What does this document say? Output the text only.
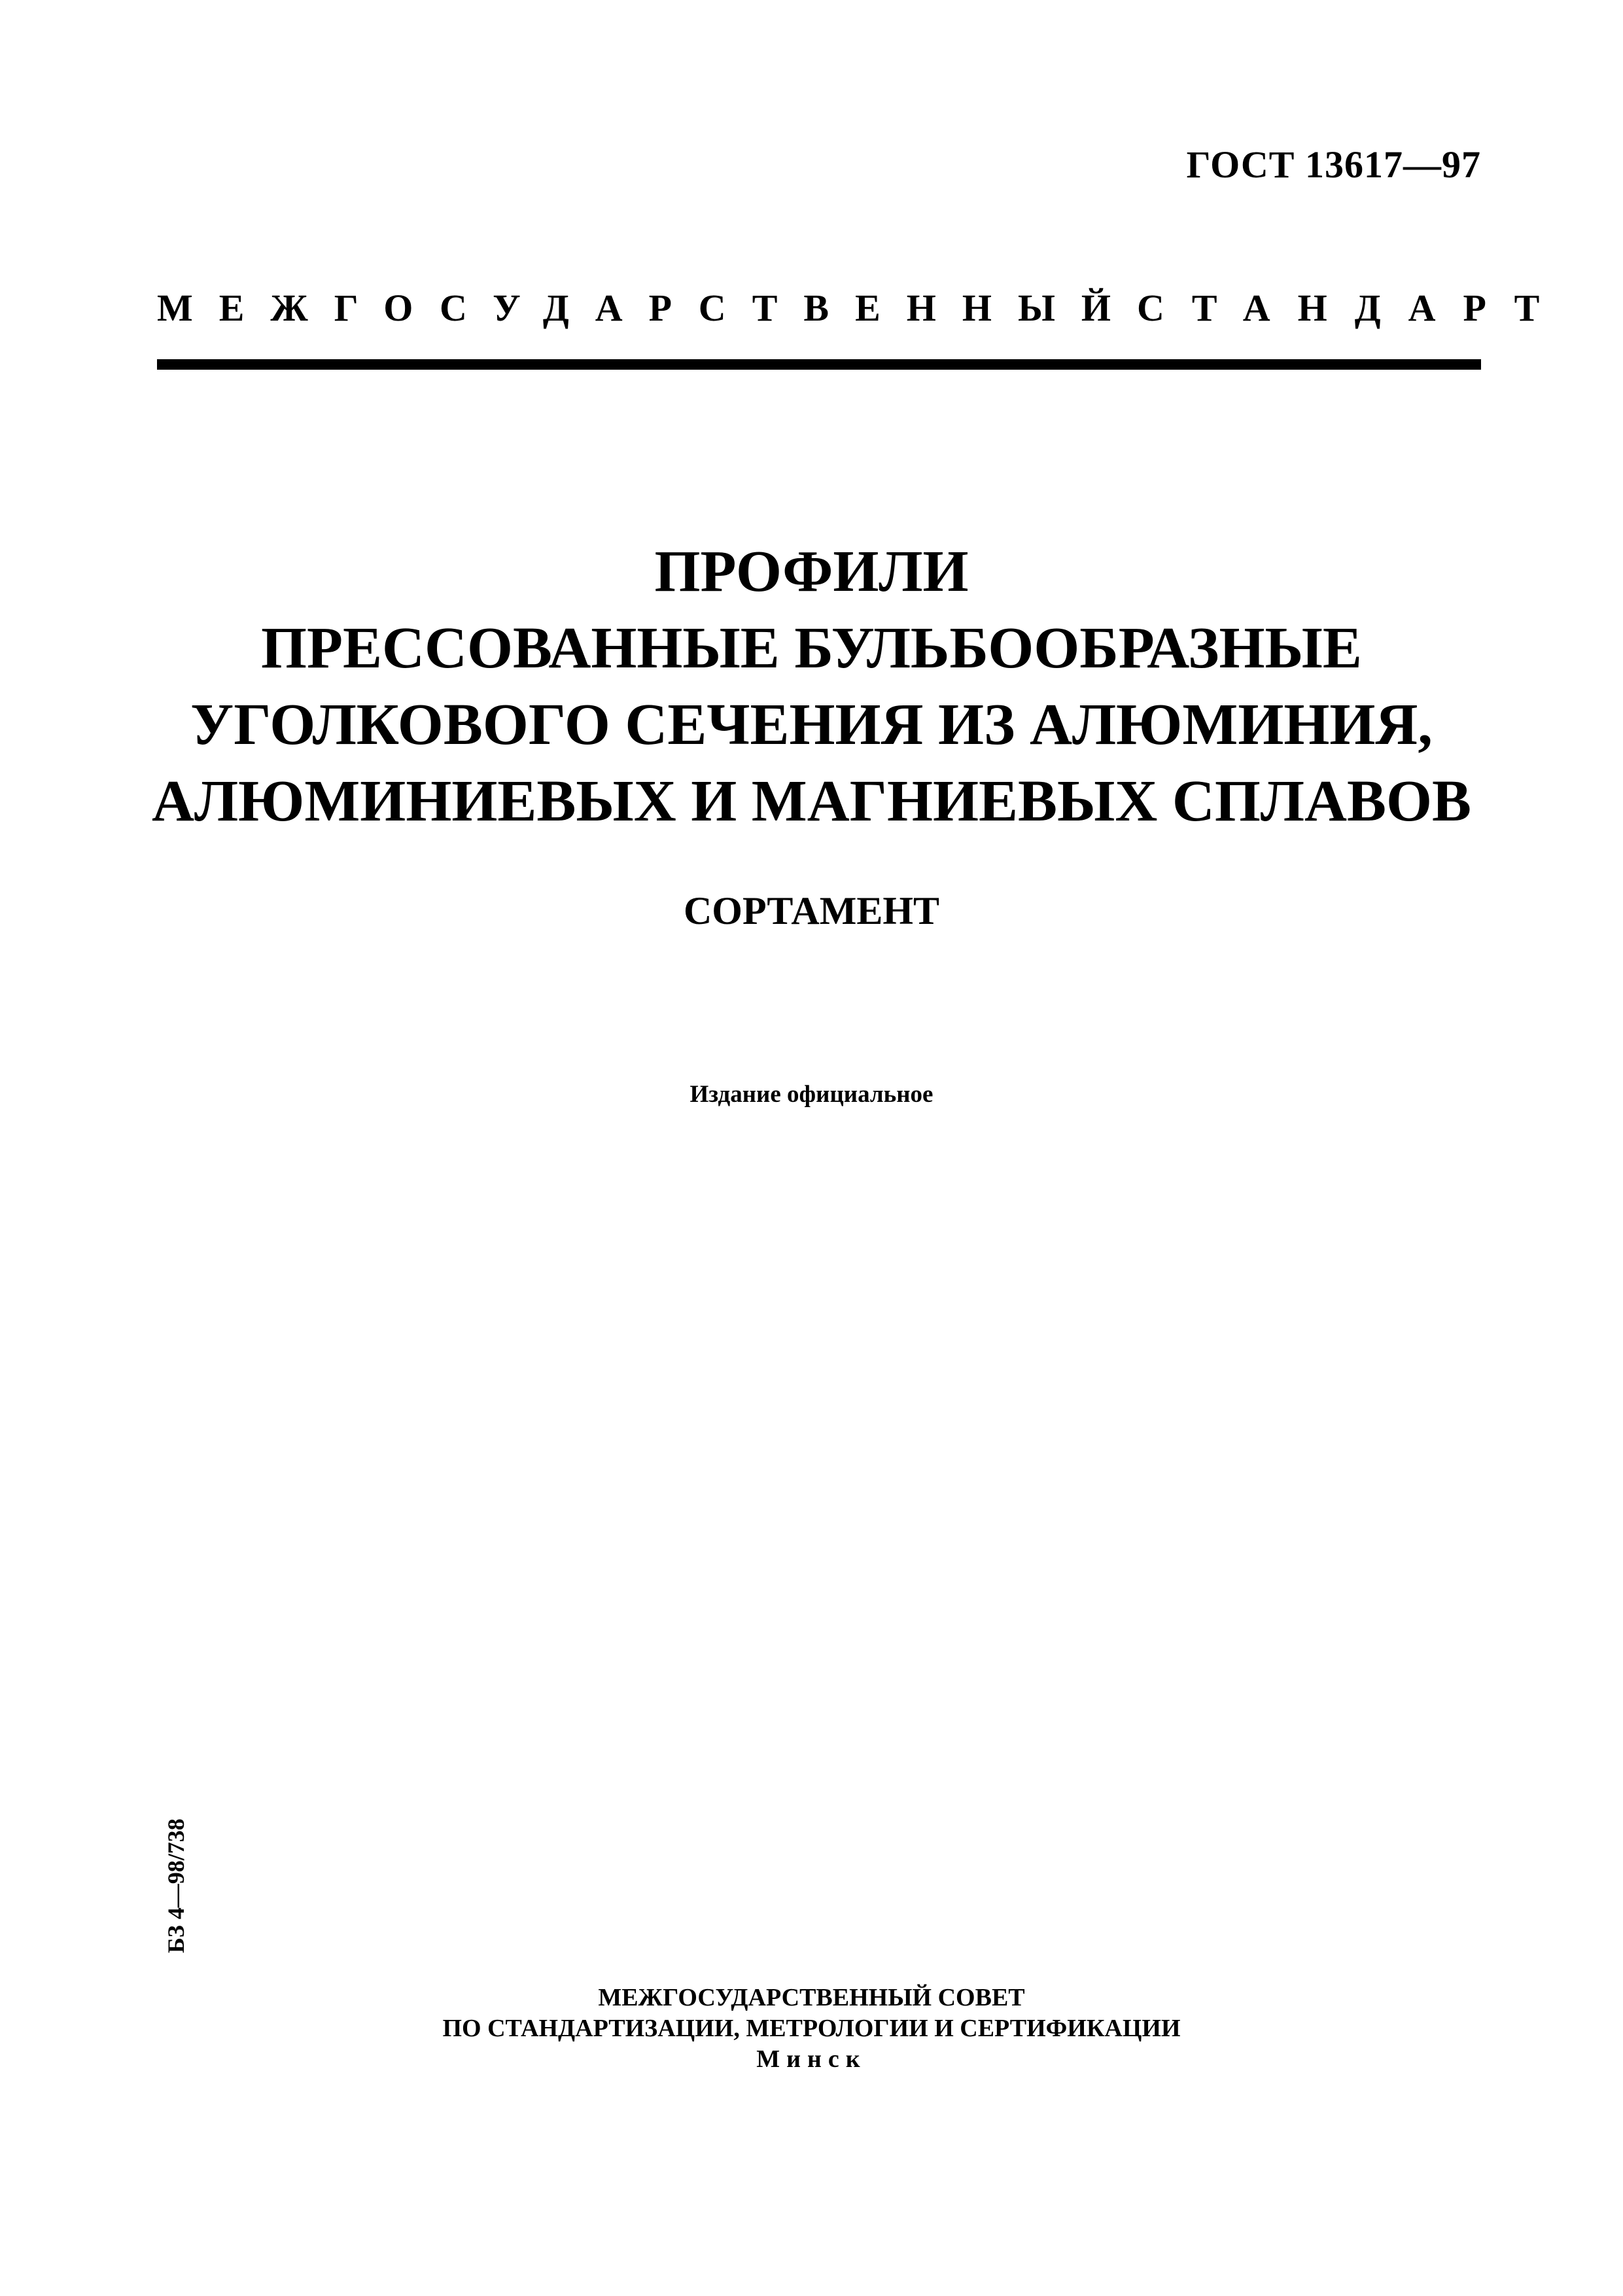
ГОСТ 13617—97
МЕЖГОСУДАРСТВЕННЫЙ СТАНДАРТ
ПРОФИЛИ
ПРЕССОВАННЫЕ БУЛЬБООБРАЗНЫЕ
УГОЛКОВОГО СЕЧЕНИЯ ИЗ АЛЮМИНИЯ,
АЛЮМИНИЕВЫХ И МАГНИЕВЫХ СПЛАВОВ
СОРТАМЕНТ
Издание официальное
БЗ 4—98/738
МЕЖГОСУДАРСТВЕННЫЙ СОВЕТ
ПО СТАНДАРТИЗАЦИИ, МЕТРОЛОГИИ И СЕРТИФИКАЦИИ
Минск
